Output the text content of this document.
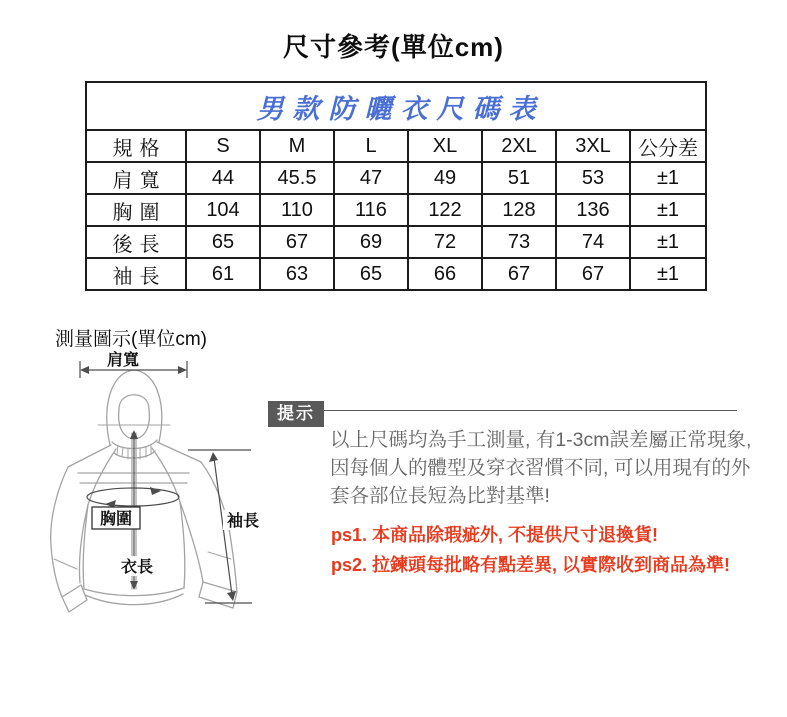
尺寸參考(單位cm)
男款防曬衣尺碼表							
規格	S	M	L	XL	2XL	3XL	公分差
肩寬	44	45.5	47	49	51	53	±1
胸圍	104	110	116	122	128	136	±1
後長	65	67	69	72	73	74	±1
袖長	61	63	65	66	67	67	±1
測量圖示(單位cm)
肩寬
胸圍
衣長
袖長
提示
以上尺碼均為手工測量, 有1-3cm誤差屬正常現象, 因每個人的體型及穿衣習慣不同, 可以用現有的外套各部位長短為比對基準!
ps1. 本商品除瑕疵外, 不提供尺寸退換貨!
ps2. 拉鍊頭每批略有點差異, 以實際收到商品為準!
